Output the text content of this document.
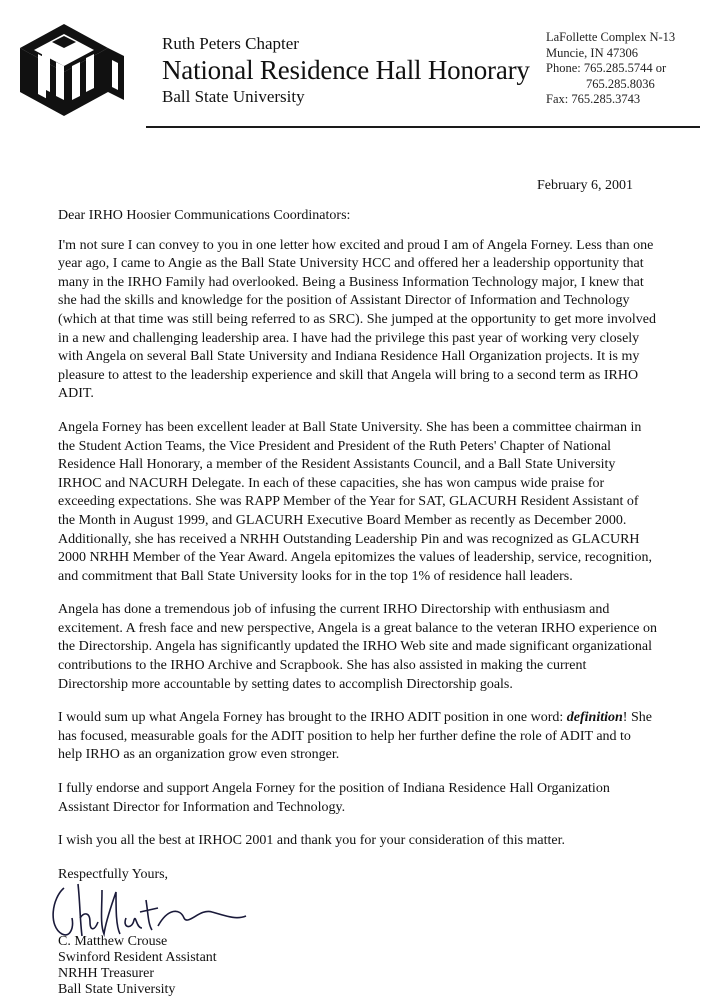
Ruth Peters Chapter
National Residence Hall Honorary
Ball State University
LaFollette Complex N-13
Muncie, IN 47306
Phone: 765.285.5744 or
765.285.8036
Fax: 765.285.3743
February 6, 2001

Dear IRHO Hoosier Communications Coordinators:

I'm not sure I can convey to you in one letter how excited and proud I am of Angela Forney. Less than one year ago, I came to Angie as the Ball State University HCC and offered her a leadership opportunity that many in the IRHO Family had overlooked. Being a Business Information Technology major, I knew that she had the skills and knowledge for the position of Assistant Director of Information and Technology (which at that time was still being referred to as SRC). She jumped at the opportunity to get more involved in a new and challenging leadership area. I have had the privilege this past year of working very closely with Angela on several Ball State University and Indiana Residence Hall Organization projects. It is my pleasure to attest to the leadership experience and skill that Angela will bring to a second term as IRHO ADIT.

Angela Forney has been excellent leader at Ball State University. She has been a committee chairman in the Student Action Teams, the Vice President and President of the Ruth Peters' Chapter of National Residence Hall Honorary, a member of the Resident Assistants Council, and a Ball State University IRHOC and NACURH Delegate. In each of these capacities, she has won campus wide praise for exceeding expectations. She was RAPP Member of the Year for SAT, GLACURH Resident Assistant of the Month in August 1999, and GLACURH Executive Board Member as recently as December 2000. Additionally, she has received a NRHH Outstanding Leadership Pin and was recognized as GLACURH 2000 NRHH Member of the Year Award. Angela epitomizes the values of leadership, service, recognition, and commitment that Ball State University looks for in the top 1% of residence hall leaders.

Angela has done a tremendous job of infusing the current IRHO Directorship with enthusiasm and excitement. A fresh face and new perspective, Angela is a great balance to the veteran IRHO experience on the Directorship. Angela has significantly updated the IRHO Web site and made significant organizational contributions to the IRHO Archive and Scrapbook. She has also assisted in making the current Directorship more accountable by setting dates to accomplish Directorship goals.

I would sum up what Angela Forney has brought to the IRHO ADIT position in one word: definition! She has focused, measurable goals for the ADIT position to help her further define the role of ADIT and to help IRHO as an organization grow even stronger.

I fully endorse and support Angela Forney for the position of Indiana Residence Hall Organization Assistant Director for Information and Technology.

I wish you all the best at IRHOC 2001 and thank you for your consideration of this matter.

Respectfully Yours,

C. Matthew Crouse

Swinford Resident Assistant

NRHH Treasurer

Ball State University
